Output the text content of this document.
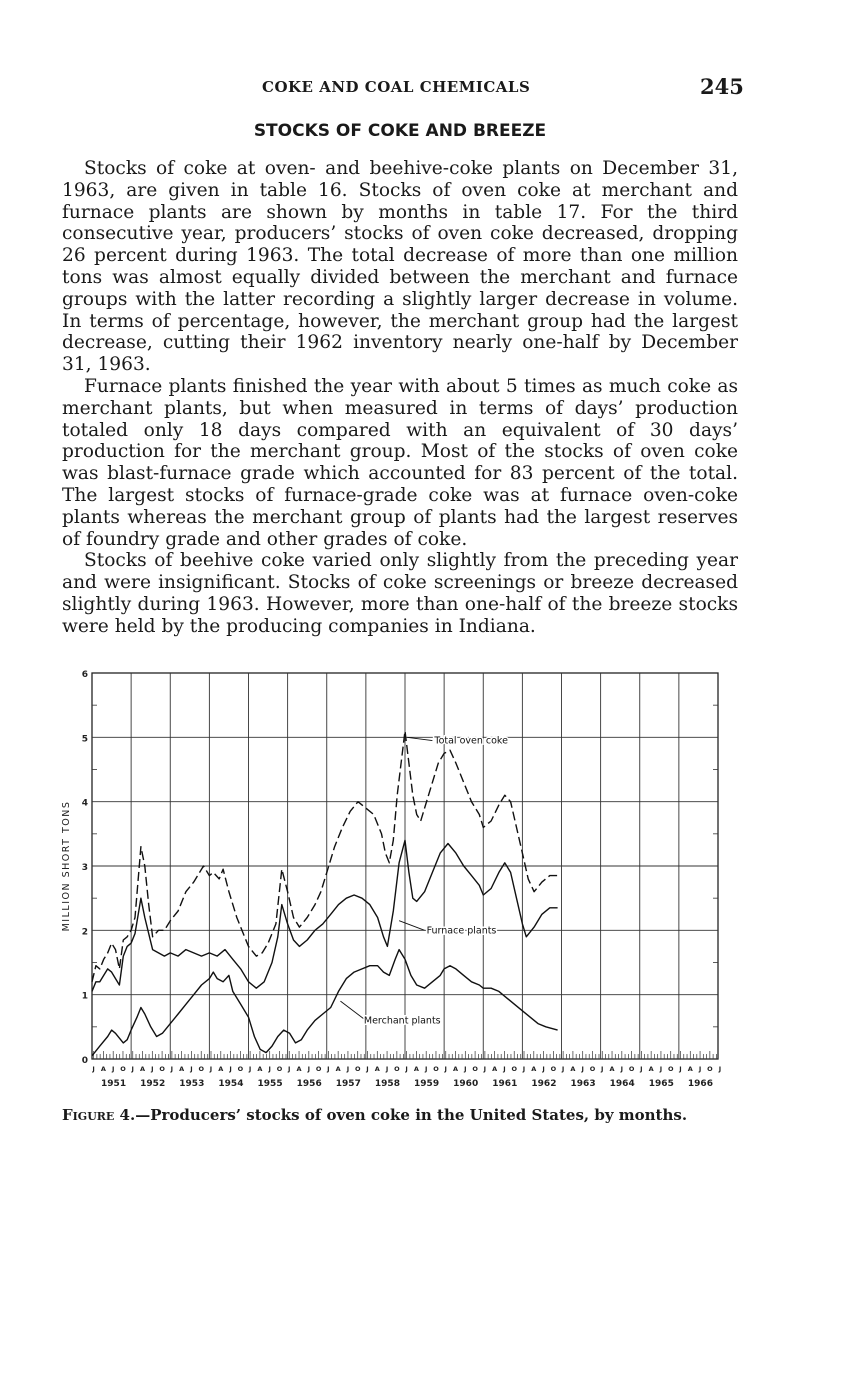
COKE AND COAL CHEMICALS	245
STOCKS OF COKE AND BREEZE

Stocks of coke at oven- and beehive-coke plants on December 31, 1963, are given in table 16. Stocks of oven coke at merchant and furnace plants are shown by months in table 17. For the third consecutive year, producers’ stocks of oven coke decreased, dropping 26 percent during 1963. The total decrease of more than one million tons was almost equally divided between the merchant and furnace groups with the latter recording a slightly larger decrease in volume. In terms of percentage, however, the merchant group had the largest decrease, cutting their 1962 inventory nearly one-half by December 31, 1963.

Furnace plants finished the year with about 5 times as much coke as merchant plants, but when measured in terms of days’ production totaled only 18 days compared with an equivalent of 30 days’ production for the merchant group. Most of the stocks of oven coke was blast-furnace grade which accounted for 83 percent of the total. The largest stocks of furnace-grade coke was at furnace oven-coke plants whereas the merchant group of plants had the largest reserves of foundry grade and other grades of coke.

Stocks of beehive coke varied only slightly from the preceding year and were insignificant. Stocks of coke screenings or breeze decreased slightly during 1963. However, more than one-half of the breeze stocks were held by the producing companies in Indiana.

0
1
2
3
4
5
6
J A J O
1951
J A J O
1952
J A J O
1953
J A J O
1954
J A J O
1955
J A J O
1956
J A J O
1957
J A J O
1958
J A J O
1959
J A J O
1960
J A J O
1961
J A J O
1962
J A J O
1963
J A J O
1964
J A J O
1965
J A J O
1966
J
MILLION SHORT TONS
Total oven coke
Furnace plants
Merchant plants
Figure 4.—Producers’ stocks of oven coke in the United States, by months.
